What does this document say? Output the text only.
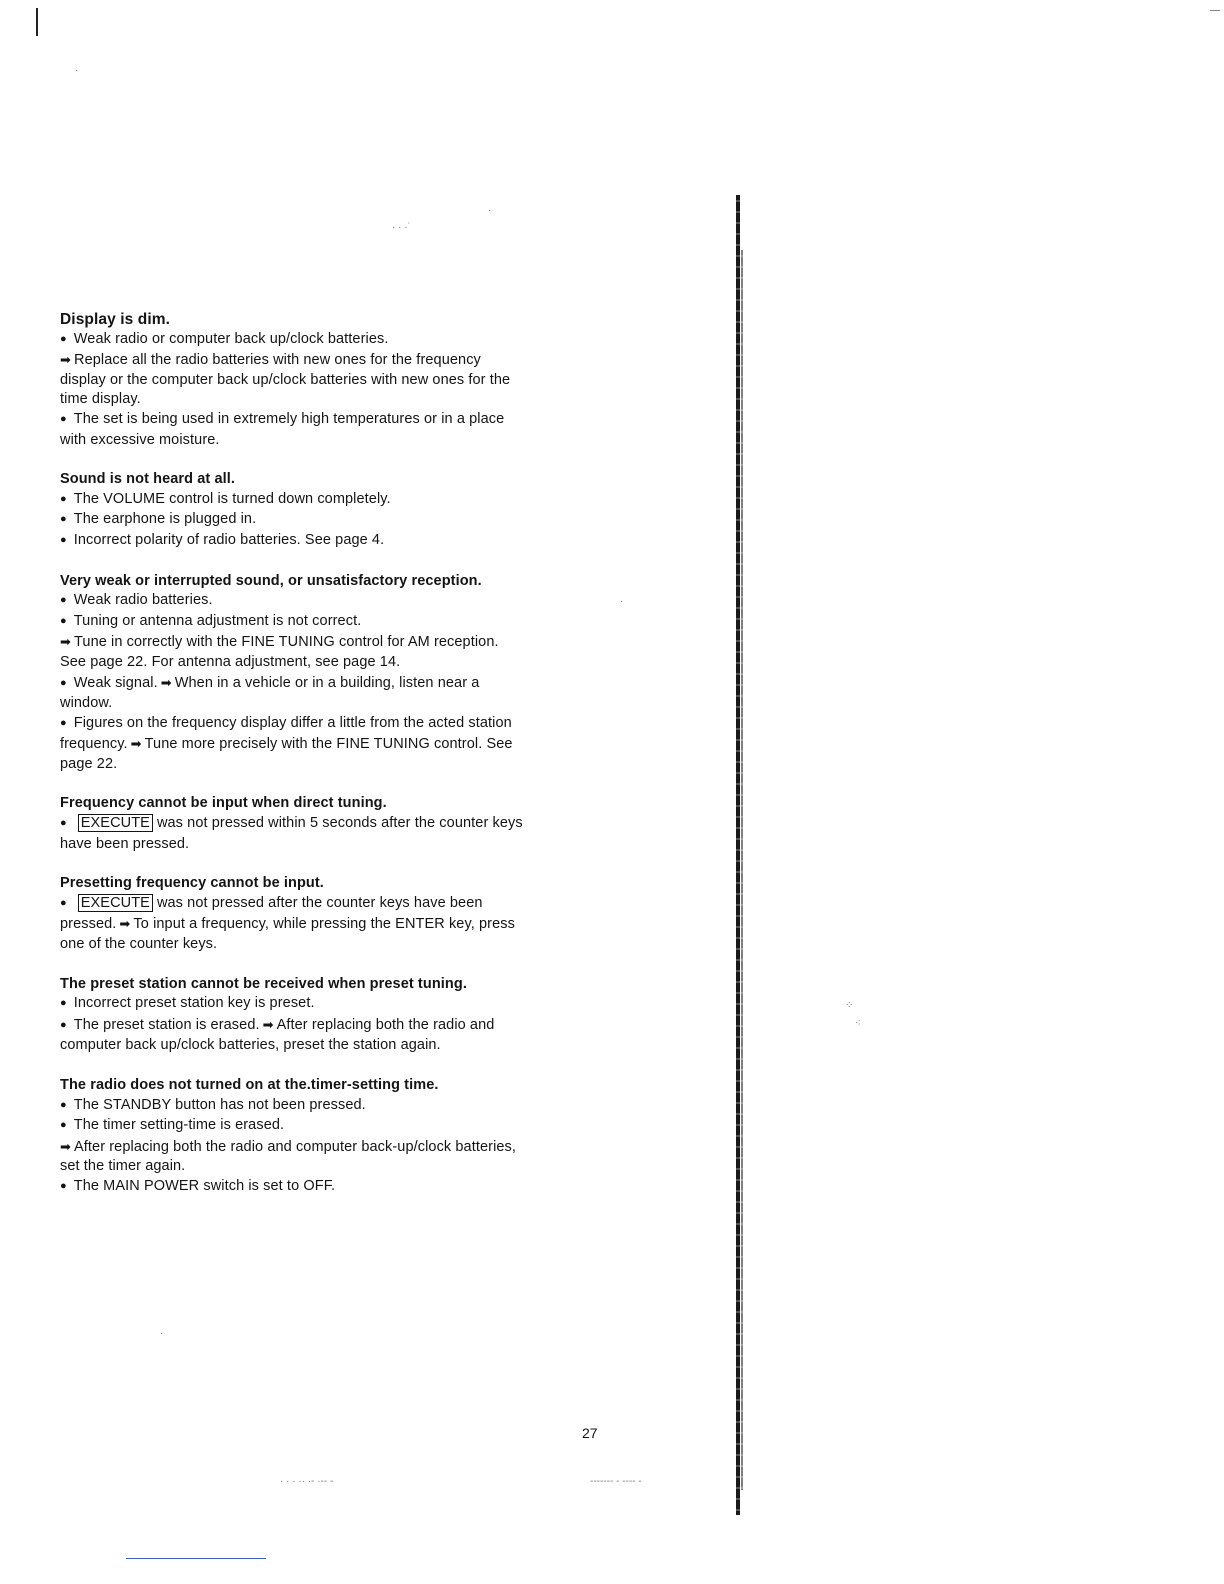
⁘
⁖
·
·
· · ·˙
·
·
· · · ·· ·- ·-- -	------- - ---- -
Display is dim.
● Weak radio or computer back up/clock batteries.
➡ Replace all the radio batteries with new ones for the frequency
display or the computer back up/clock batteries with new ones for the
time display.
● The set is being used in extremely high temperatures or in a place
with excessive moisture.
Sound is not heard at all.
● The VOLUME control is turned down completely.
● The earphone is plugged in.
● Incorrect polarity of radio batteries. See page 4.
Very weak or interrupted sound, or unsatisfactory reception.
● Weak radio batteries.
● Tuning or antenna adjustment is not correct.
➡ Tune in correctly with the FINE TUNING control for AM reception.
See page 22. For antenna adjustment, see page 14.
● Weak signal. ➡ When in a vehicle or in a building, listen near a
window.
● Figures on the frequency display differ a little from the acted station
frequency. ➡ Tune more precisely with the FINE TUNING control. See
page 22.
Frequency cannot be input when direct tuning.
● EXECUTE was not pressed within 5 seconds after the counter keys
have been pressed.
Presetting frequency cannot be input.
● EXECUTE was not pressed after the counter keys have been
pressed. ➡ To input a frequency, while pressing the ENTER key, press
one of the counter keys.
The preset station cannot be received when preset tuning.
● Incorrect preset station key is preset.
● The preset station is erased. ➡ After replacing both the radio and
computer back up/clock batteries, preset the station again.
The radio does not turned on at the.timer-setting time.
● The STANDBY button has not been pressed.
● The timer setting-time is erased.
➡ After replacing both the radio and computer back-up/clock batteries,
set the timer again.
● The MAIN POWER switch is set to OFF.
27
